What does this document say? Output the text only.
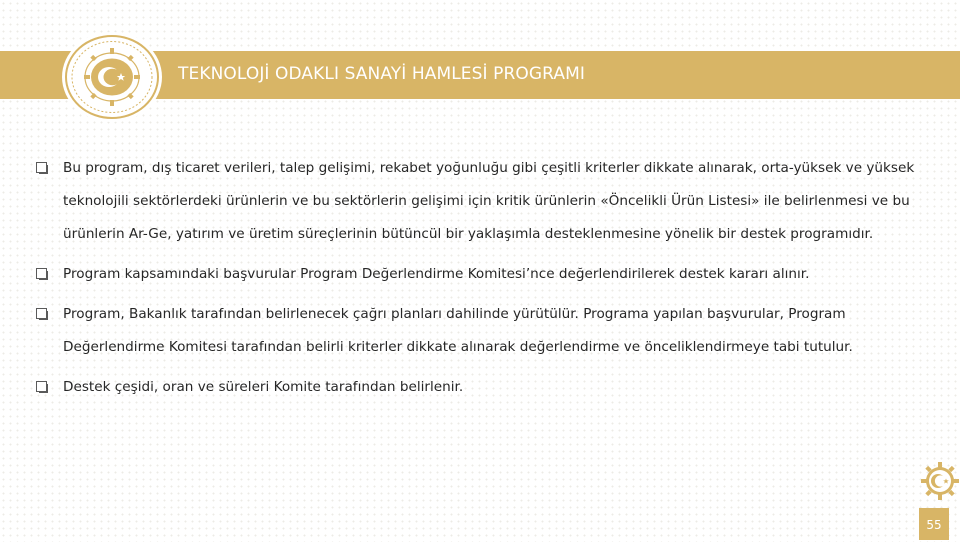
TEKNOLOJİ ODAKLI SANAYİ HAMLESİ PROGRAMI
Bu program, dış ticaret verileri, talep gelişimi, rekabet yoğunluğu gibi çeşitli kriterler dikkate alınarak, orta-yüksek ve yüksek teknolojili sektörlerdeki ürünlerin ve bu sektörlerin gelişimi için kritik ürünlerin «Öncelikli Ürün Listesi» ile belirlenmesi ve bu ürünlerin Ar-Ge, yatırım ve üretim süreçlerinin bütüncül bir yaklaşımla desteklenmesine yönelik bir destek programıdır.
Program kapsamındaki başvurular Program Değerlendirme Komitesi’nce değerlendirilerek destek kararı alınır.
Program, Bakanlık tarafından belirlenecek çağrı planları dahilinde yürütülür. Programa yapılan başvurular, Program Değerlendirme Komitesi tarafından belirli kriterler dikkate alınarak değerlendirme ve önceliklendirmeye tabi tutulur.
Destek çeşidi, oran ve süreleri Komite tarafından belirlenir.
55
